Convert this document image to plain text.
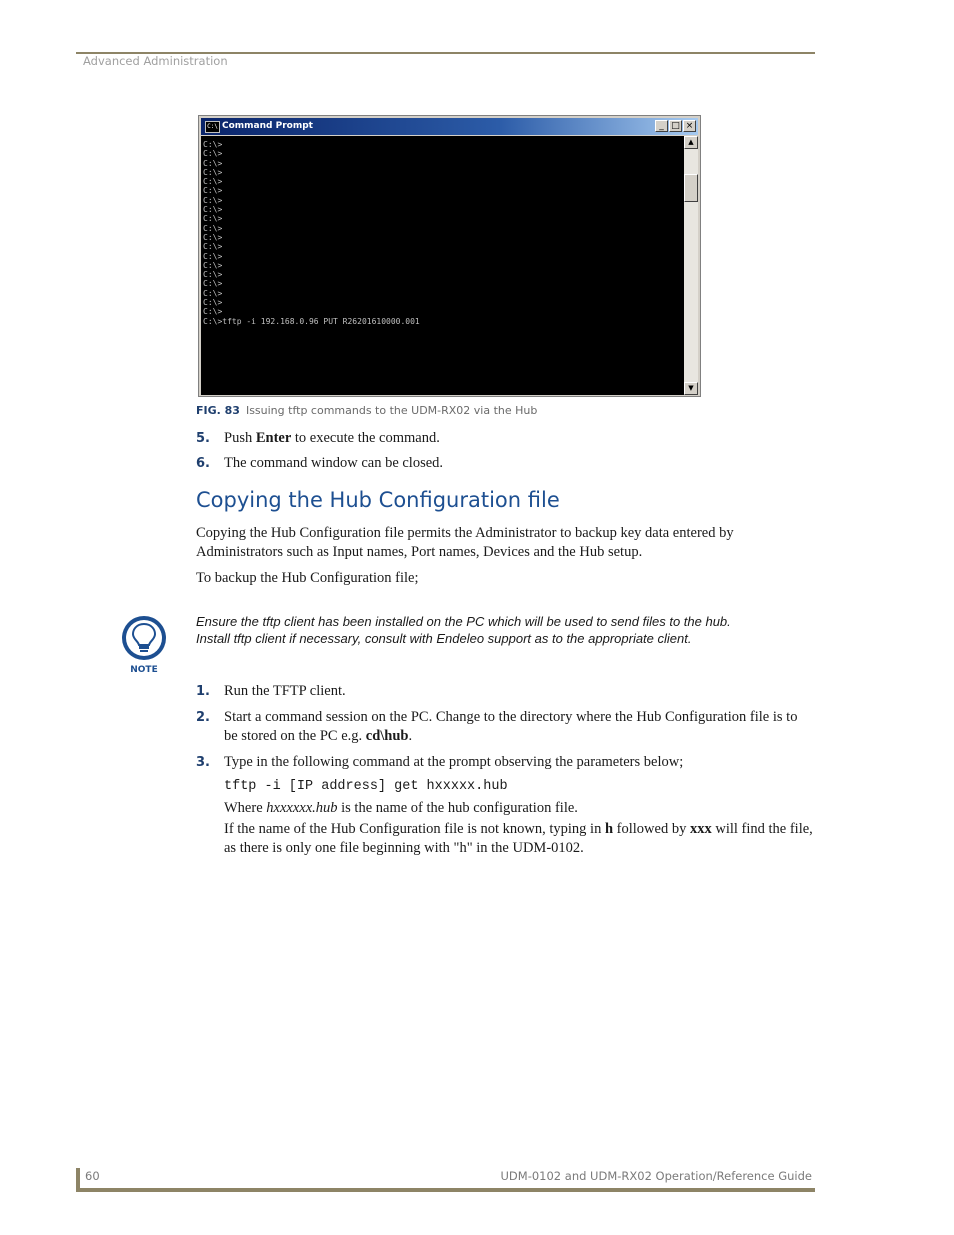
Advanced Administration
C:\ Command Prompt	_ □ ×
C:\>
C:\>
C:\>
C:\>
C:\>
C:\>
C:\>
C:\>
C:\>
C:\>
C:\>
C:\>
C:\>
C:\>
C:\>
C:\>
C:\>
C:\>
C:\>
C:\>tftp -i 192.168.0.96 PUT R26201610000.001
▲
▼
FIG. 83 Issuing tftp commands to the UDM-RX02 via the Hub
5. Push Enter to execute the command.
6. The command window can be closed.
Copying the Hub Configuration file
Copying the Hub Configuration file permits the Administrator to backup key data entered by Administrators such as Input names, Port names, Devices and the Hub setup.
To backup the Hub Configuration file;
NOTE
Ensure the tftp client has been installed on the PC which will be used to send files to the hub. Install tftp client if necessary, consult with Endeleo support as to the appropriate client.
1. Run the TFTP client.
2. Start a command session on the PC. Change to the directory where the Hub Configuration file is to be stored on the PC e.g. cd\hub.
3. Type in the following command at the prompt observing the parameters below;
tftp -i [IP address] get hxxxxx.hub
Where hxxxxxx.hub is the name of the hub configuration file.
If the name of the Hub Configuration file is not known, typing in h followed by xxx will find the file, as there is only one file beginning with "h" in the UDM-0102.
60	UDM-0102 and UDM-RX02 Operation/Reference Guide
